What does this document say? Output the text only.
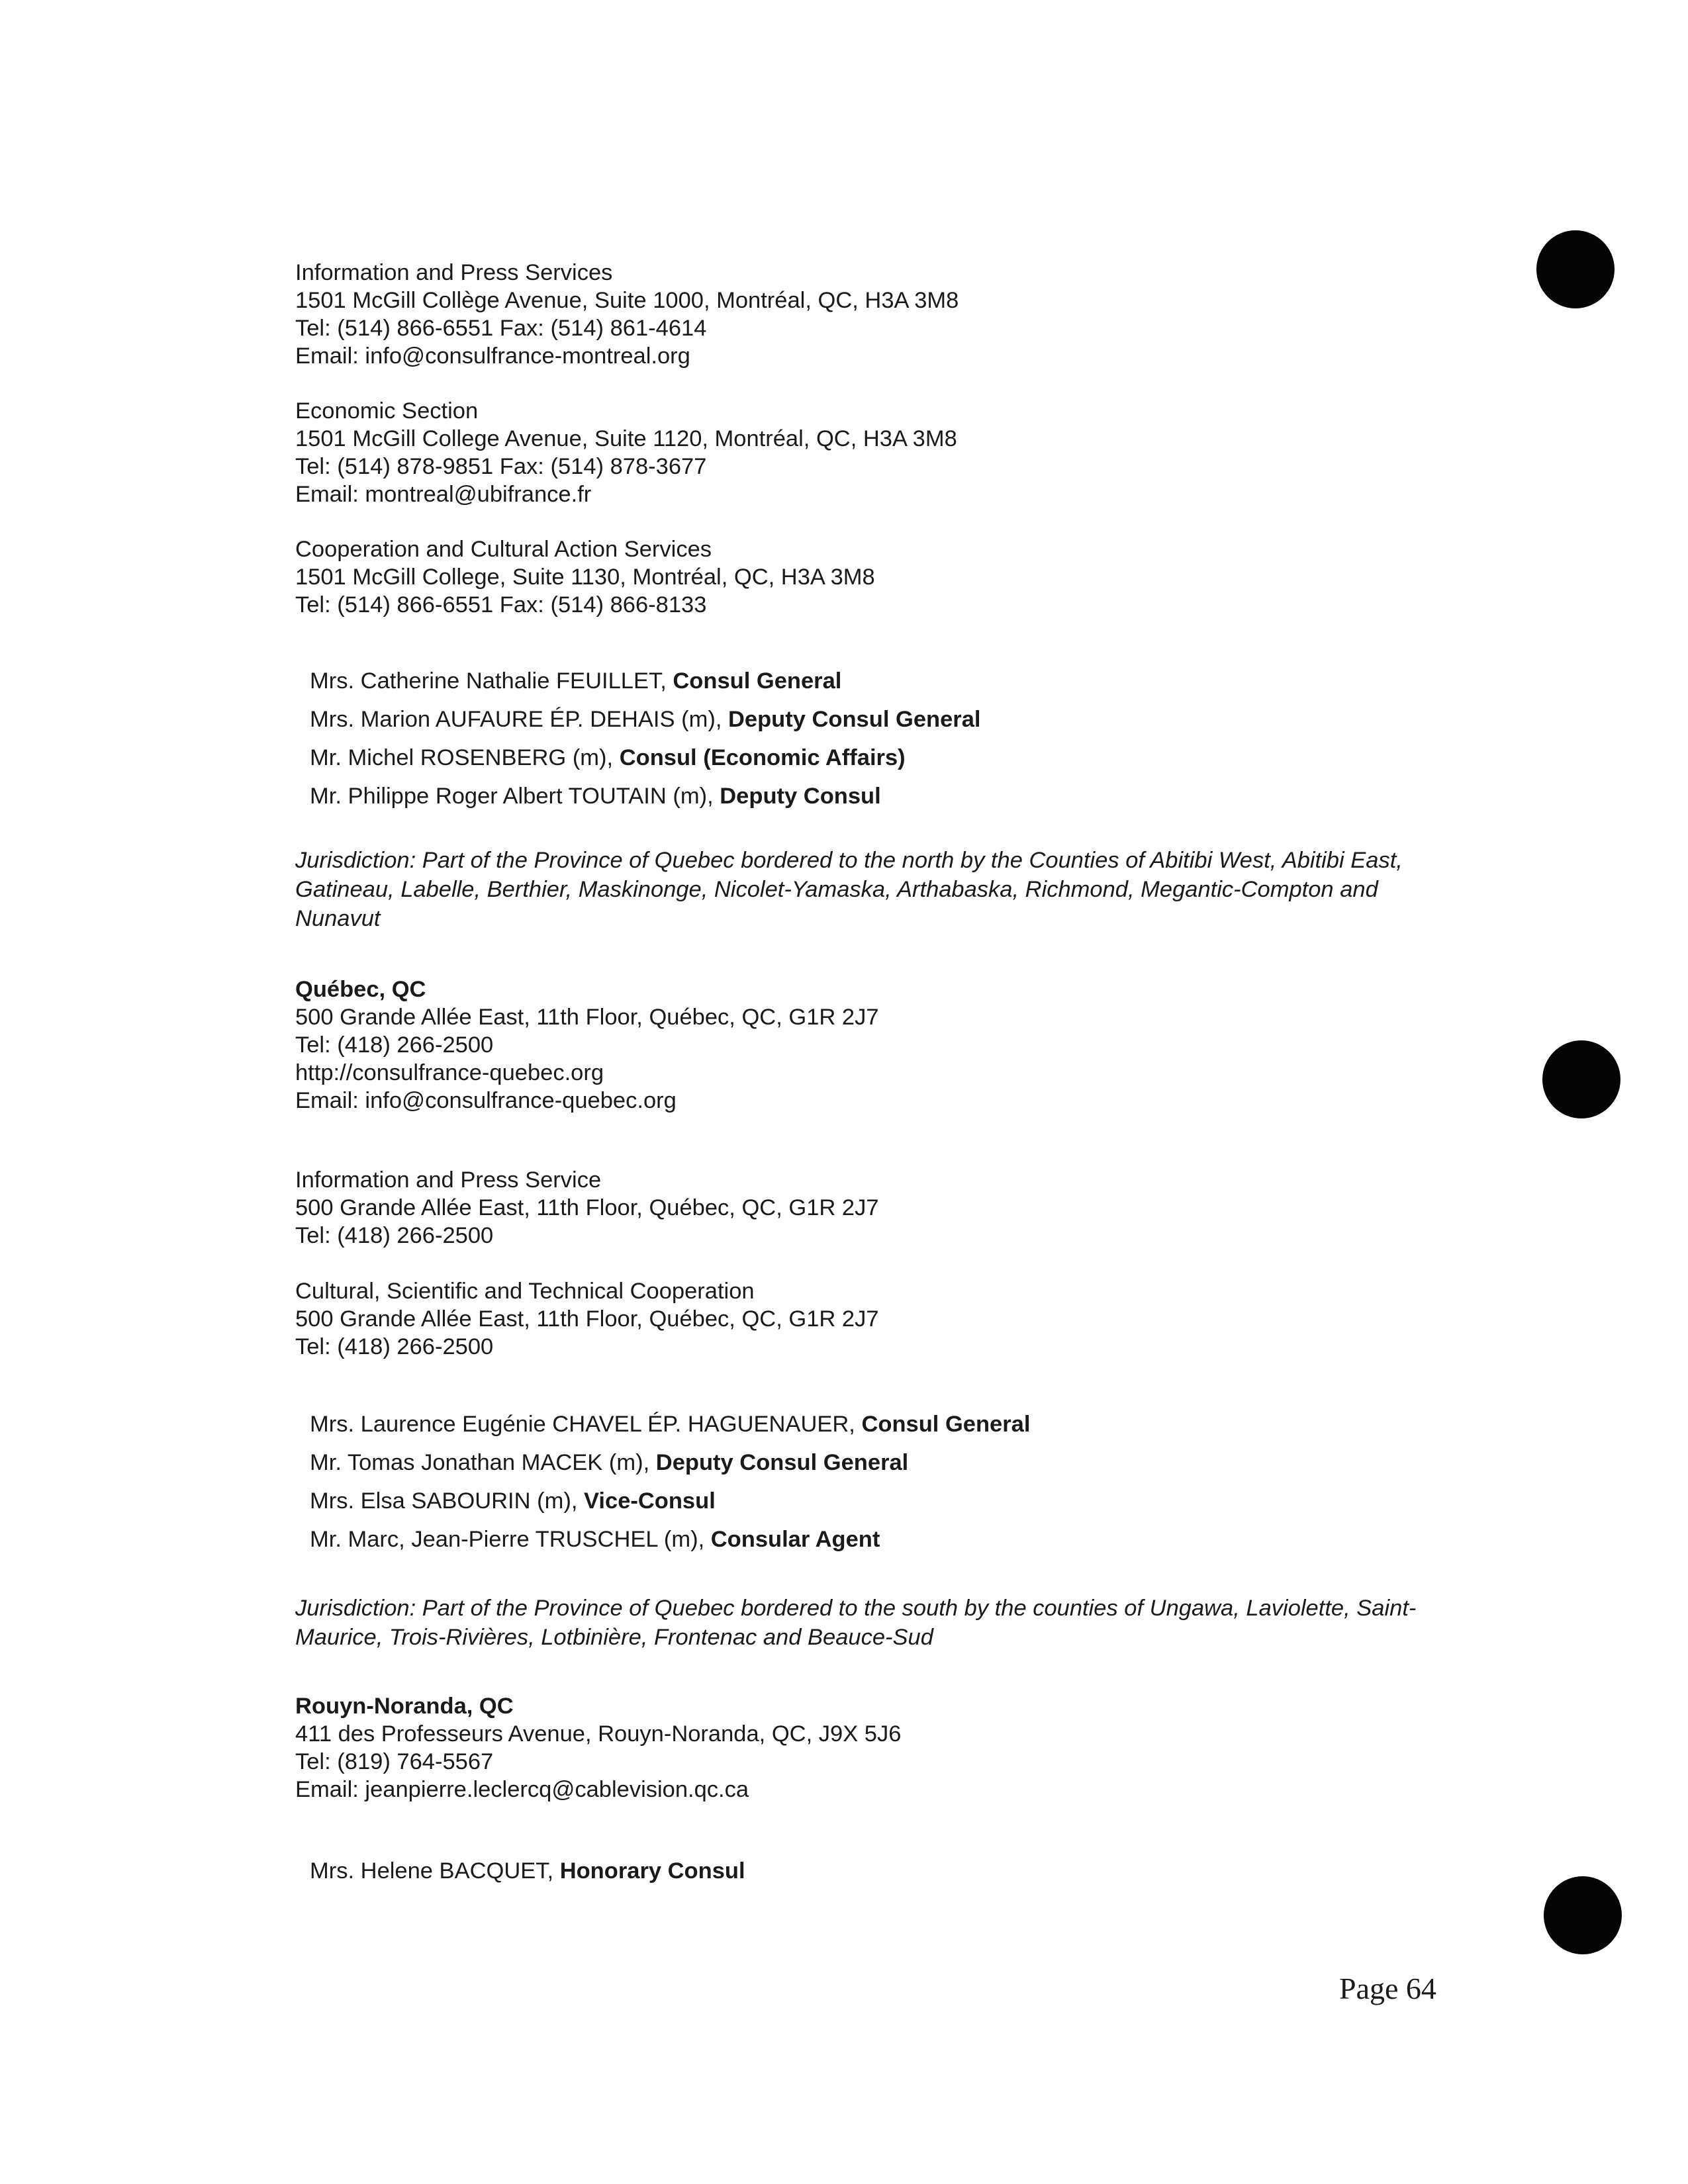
Information and Press Services
1501 McGill Collège Avenue, Suite 1000, Montréal, QC, H3A 3M8
Tel: (514) 866-6551 Fax: (514) 861-4614
Email: info@consulfrance-montreal.org
Economic Section
1501 McGill College Avenue, Suite 1120, Montréal, QC, H3A 3M8
Tel: (514) 878-9851 Fax: (514) 878-3677
Email: montreal@ubifrance.fr
Cooperation and Cultural Action Services
1501 McGill College, Suite 1130, Montréal, QC, H3A 3M8
Tel: (514) 866-6551 Fax: (514) 866-8133
Mrs. Catherine Nathalie FEUILLET, Consul General
Mrs. Marion AUFAURE ÉP. DEHAIS (m), Deputy Consul General
Mr. Michel ROSENBERG (m), Consul (Economic Affairs)
Mr. Philippe Roger Albert TOUTAIN (m), Deputy Consul
Jurisdiction: Part of the Province of Quebec bordered to the north by the Counties of Abitibi West, Abitibi East, Gatineau, Labelle, Berthier, Maskinonge, Nicolet-Yamaska, Arthabaska, Richmond, Megantic-Compton and Nunavut
Québec, QC
500 Grande Allée East, 11th Floor, Québec, QC, G1R 2J7
Tel: (418) 266-2500
http://consulfrance-quebec.org
Email: info@consulfrance-quebec.org
Information and Press Service
500 Grande Allée East, 11th Floor, Québec, QC, G1R 2J7
Tel: (418) 266-2500
Cultural, Scientific and Technical Cooperation
500 Grande Allée East, 11th Floor, Québec, QC, G1R 2J7
Tel: (418) 266-2500
Mrs. Laurence Eugénie CHAVEL ÉP. HAGUENAUER, Consul General
Mr. Tomas Jonathan MACEK (m), Deputy Consul General
Mrs. Elsa SABOURIN (m), Vice-Consul
Mr. Marc, Jean-Pierre TRUSCHEL (m), Consular Agent
Jurisdiction: Part of the Province of Quebec bordered to the south by the counties of Ungawa, Laviolette, Saint-Maurice, Trois-Rivières, Lotbinière, Frontenac and Beauce-Sud
Rouyn-Noranda, QC
411 des Professeurs Avenue, Rouyn-Noranda, QC, J9X 5J6
Tel: (819) 764-5567
Email: jeanpierre.leclercq@cablevision.qc.ca
Mrs. Helene BACQUET, Honorary Consul
Page 64
